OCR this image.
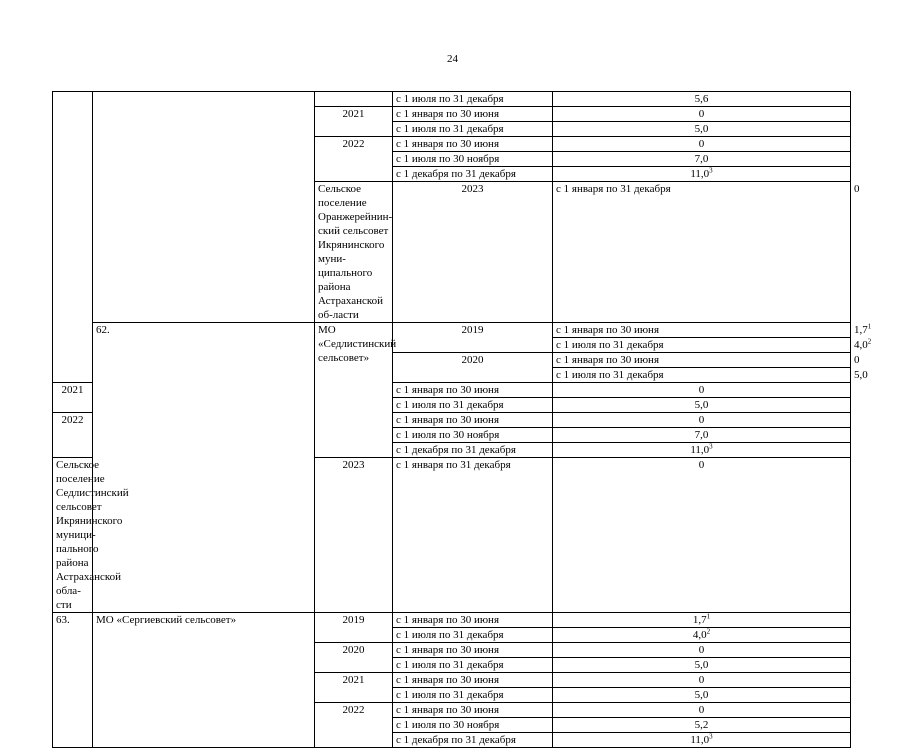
24
			с 1 июля по 31 декабря	5,6	
		2021	с 1 января по 30 июня	0	
			с 1 июля по 31 декабря	5,0	
		2022	с 1 января по 30 июня	0	
			с 1 июля по 30 ноября	7,0	
			с 1 декабря по 31 декабря	11,0$^3$
		Сельское поселение Оранжерейнин-ский сельсовет Икрянинского муни-ципального района Астраханской об-ласти	2023	с 1 января по 31 декабря	0
	62.	МО «Седлистинский сельсовет»	2019	с 1 января по 30 июня	$1,7^1$
				с 1 июля по 31 декабря	$4,0^2$
			2020	с 1 января по 30 июня	0
				с 1 июля по 31 декабря	5,0
2021			с 1 января по 30 июня	0	
			с 1 июля по 31 декабря	5,0	
2022			с 1 января по 30 июня	0	
			с 1 июля по 30 ноября	7,0	
			с 1 декабря по 31 декабря	11,0$^3$
Сельское поселение Седлистинский сельсовет Икрянинского муници-пального района Астраханской обла-сти		2023	с 1 января по 31 декабря	0	
63.	МО «Сергиевский сельсовет»	2019	с 1 января по 30 июня	$1,7^1$
			с 1 июля по 31 декабря	$4,0^2$
		2020	с 1 января по 30 июня	0	
			с 1 июля по 31 декабря	5,0	
		2021	с 1 января по 30 июня	0	
			с 1 июля по 31 декабря	5,0	
		2022	с 1 января по 30 июня	0	
			с 1 июля по 30 ноября	5,2	
			с 1 декабря по 31 декабря	11,0$^3$
